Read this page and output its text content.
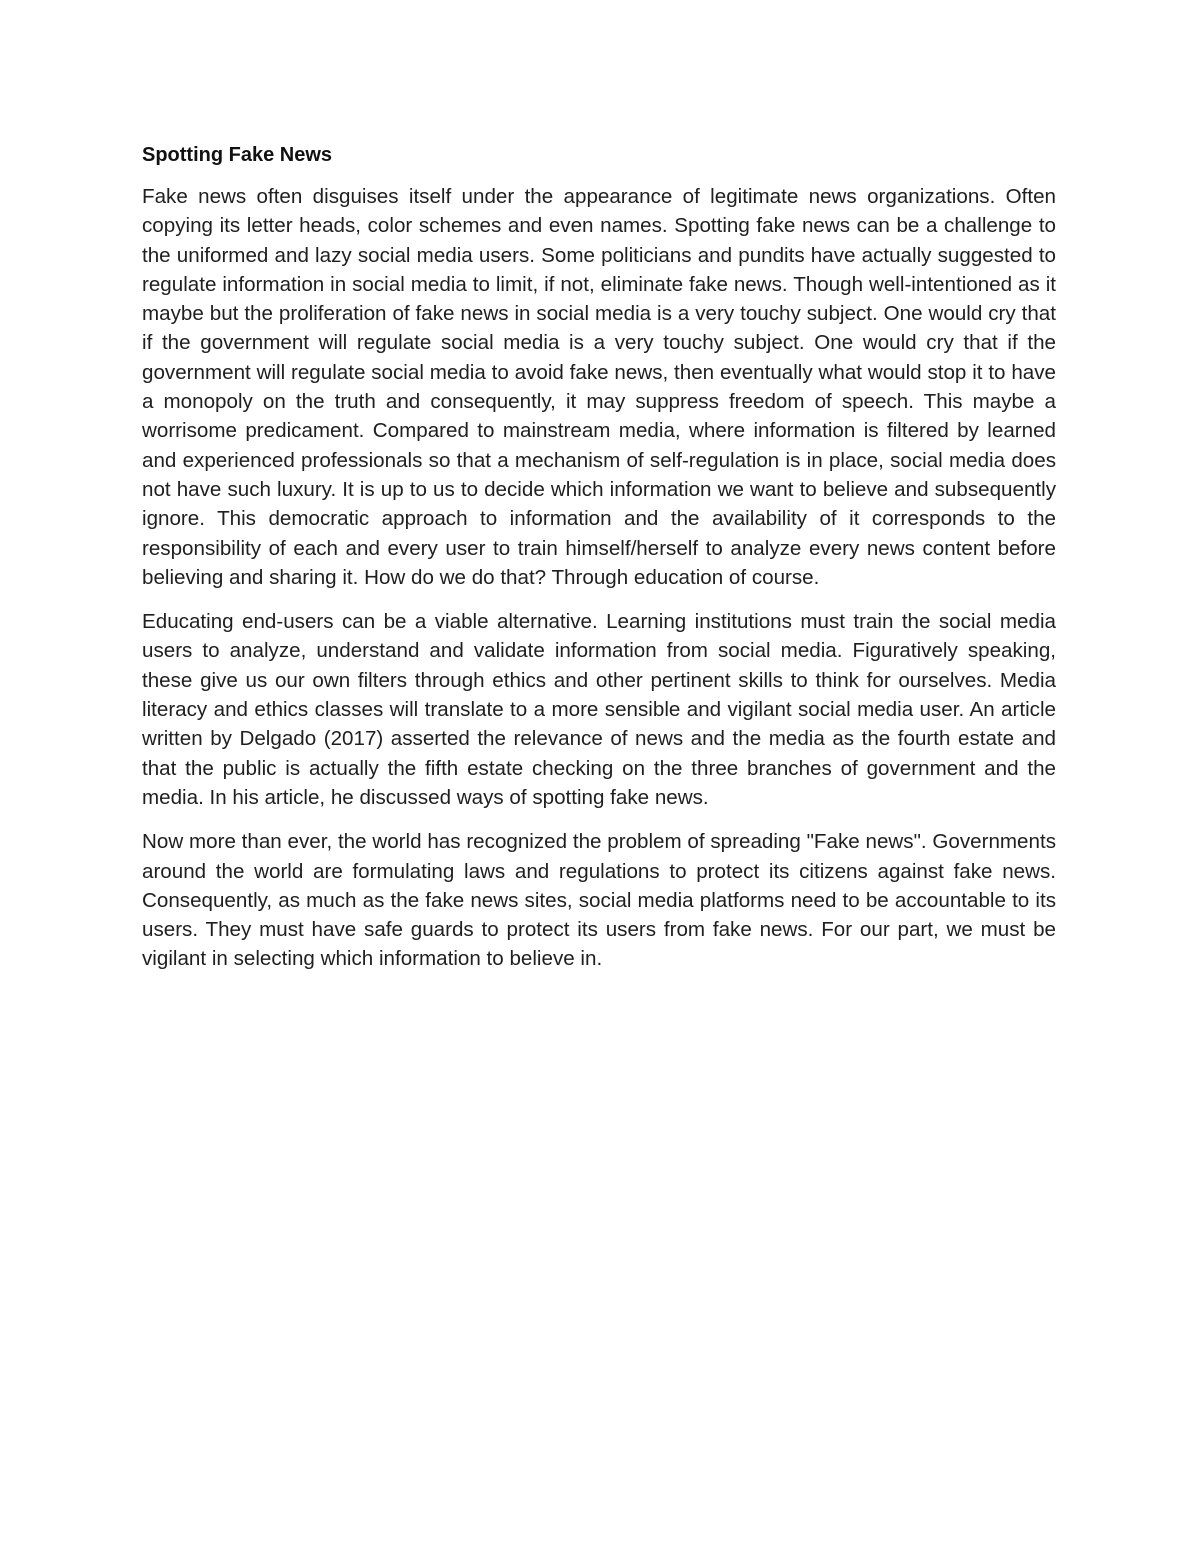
Spotting Fake News

Fake news often disguises itself under the appearance of legitimate news organizations. Often copying its letter heads, color schemes and even names. Spotting fake news can be a challenge to the uniformed and lazy social media users. Some politicians and pundits have actually suggested to regulate information in social media to limit, if not, eliminate fake news. Though well-intentioned as it maybe but the proliferation of fake news in social media is a very touchy subject. One would cry that if the government will regulate social media is a very touchy subject. One would cry that if the government will regulate social media to avoid fake news, then eventually what would stop it to have a monopoly on the truth and consequently, it may suppress freedom of speech. This maybe a worrisome predicament. Compared to mainstream media, where information is filtered by learned and experienced professionals so that a mechanism of self-regulation is in place, social media does not have such luxury. It is up to us to decide which information we want to believe and subsequently ignore. This democratic approach to information and the availability of it corresponds to the responsibility of each and every user to train himself/herself to analyze every news content before believing and sharing it. How do we do that? Through education of course.

Educating end-users can be a viable alternative. Learning institutions must train the social media users to analyze, understand and validate information from social media. Figuratively speaking, these give us our own filters through ethics and other pertinent skills to think for ourselves. Media literacy and ethics classes will translate to a more sensible and vigilant social media user. An article written by Delgado (2017) asserted the relevance of news and the media as the fourth estate and that the public is actually the fifth estate checking on the three branches of government and the media. In his article, he discussed ways of spotting fake news.

Now more than ever, the world has recognized the problem of spreading "Fake news". Governments around the world are formulating laws and regulations to protect its citizens against fake news. Consequently, as much as the fake news sites, social media platforms need to be accountable to its users. They must have safe guards to protect its users from fake news. For our part, we must be vigilant in selecting which information to believe in.
